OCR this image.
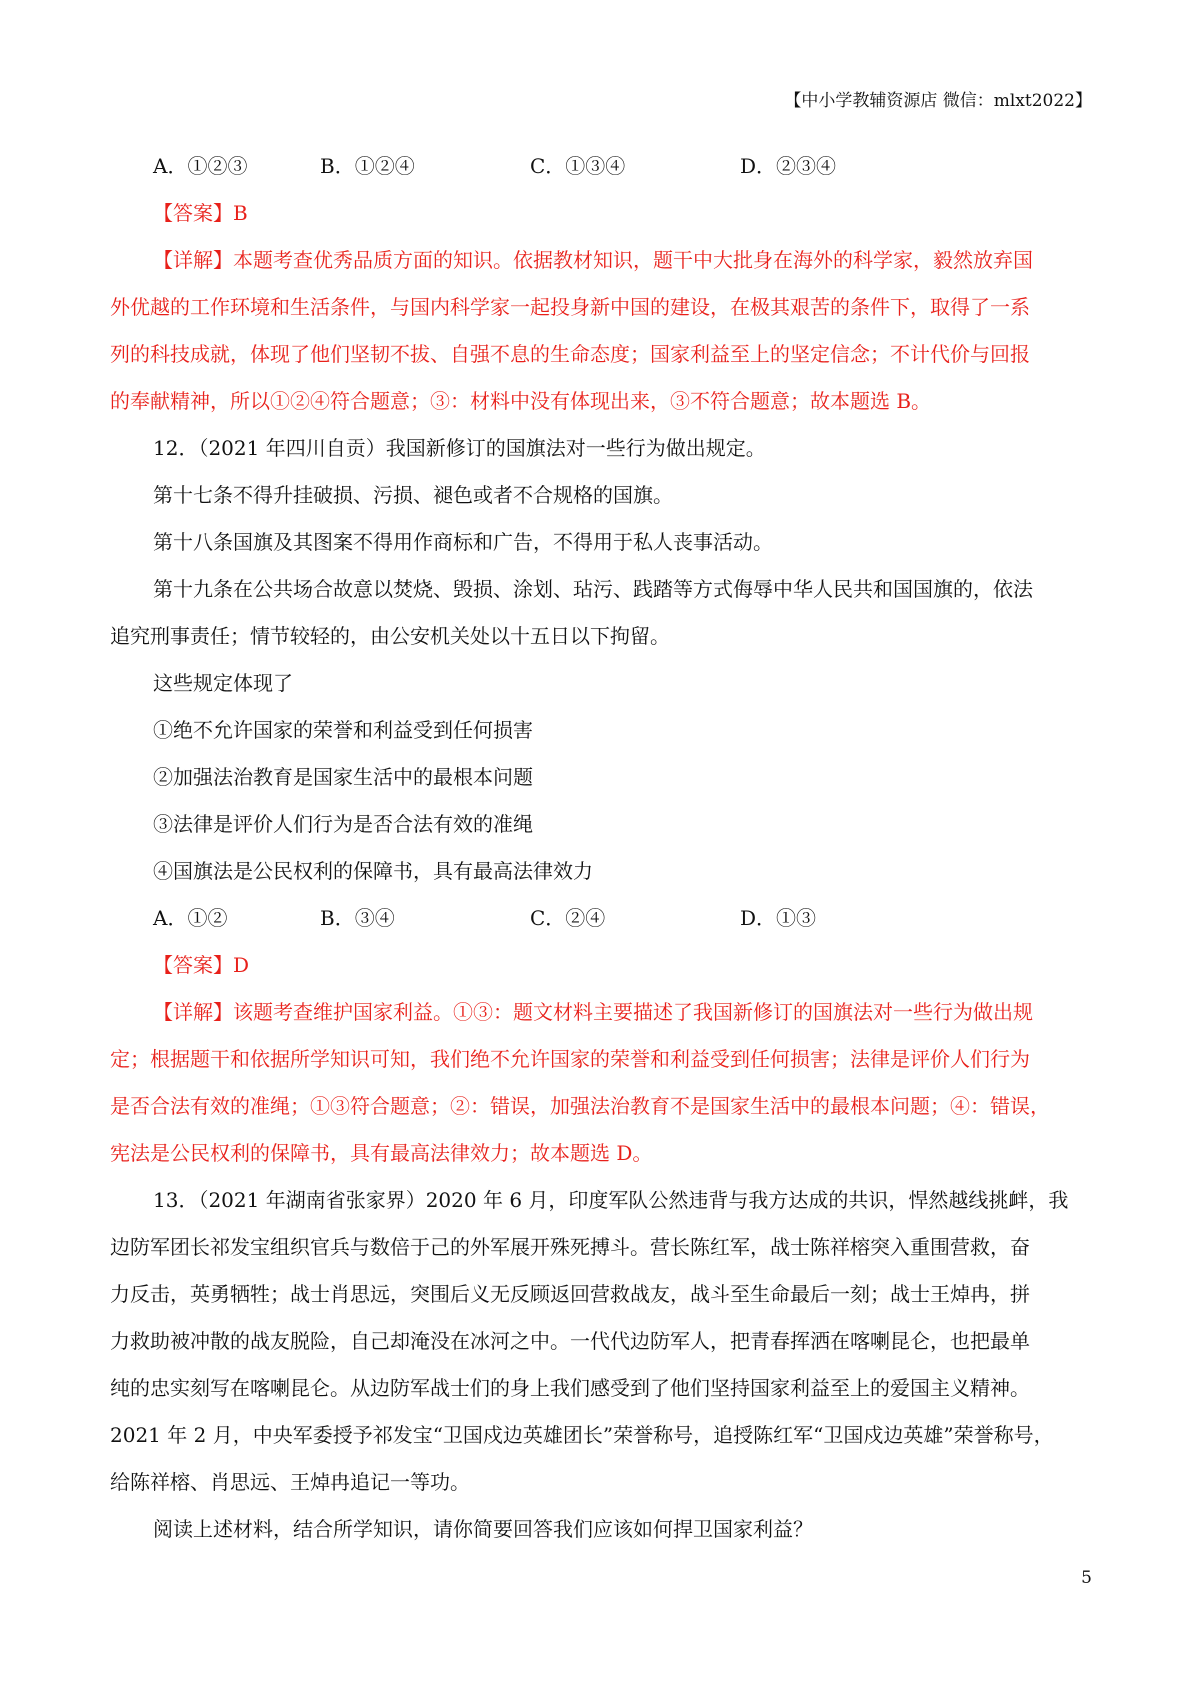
【中小学教辅资源店 微信：mlxt2022】
A．①②③	B．①②④	C．①③④	D．②③④
【答案】B
【详解】本题考查优秀品质方面的知识。依据教材知识，题干中大批身在海外的科学家，毅然放弃国
外优越的工作环境和生活条件，与国内科学家一起投身新中国的建设，在极其艰苦的条件下，取得了一系
列的科技成就，体现了他们坚韧不拔、自强不息的生命态度；国家利益至上的坚定信念；不计代价与回报
的奉献精神，所以①②④符合题意；③：材料中没有体现出来，③不符合题意；故本题选 B。
12．（2021 年四川自贡）我国新修订的国旗法对一些行为做出规定。
第十七条不得升挂破损、污损、褪色或者不合规格的国旗。
第十八条国旗及其图案不得用作商标和广告，不得用于私人丧事活动。
第十九条在公共场合故意以焚烧、毁损、涂划、玷污、践踏等方式侮辱中华人民共和国国旗的，依法
追究刑事责任；情节较轻的，由公安机关处以十五日以下拘留。
这些规定体现了
①绝不允许国家的荣誉和利益受到任何损害
②加强法治教育是国家生活中的最根本问题
③法律是评价人们行为是否合法有效的准绳
④国旗法是公民权利的保障书，具有最高法律效力
A．①②	B．③④	C．②④	D．①③
【答案】D
【详解】该题考查维护国家利益。①③：题文材料主要描述了我国新修订的国旗法对一些行为做出规
定；根据题干和依据所学知识可知，我们绝不允许国家的荣誉和利益受到任何损害；法律是评价人们行为
是否合法有效的准绳；①③符合题意；②：错误，加强法治教育不是国家生活中的最根本问题；④：错误，
宪法是公民权利的保障书，具有最高法律效力；故本题选 D。
13．（2021 年湖南省张家界）2020 年 6 月，印度军队公然违背与我方达成的共识，悍然越线挑衅，我
边防军团长祁发宝组织官兵与数倍于己的外军展开殊死搏斗。营长陈红军，战士陈祥榕突入重围营救，奋
力反击，英勇牺牲；战士肖思远，突围后义无反顾返回营救战友，战斗至生命最后一刻；战士王焯冉，拼
力救助被冲散的战友脱险，自己却淹没在冰河之中。一代代边防军人，把青春挥洒在喀喇昆仑，也把最单
纯的忠实刻写在喀喇昆仑。从边防军战士们的身上我们感受到了他们坚持国家利益至上的爱国主义精神。
2021 年 2 月，中央军委授予祁发宝“卫国戍边英雄团长”荣誉称号，追授陈红军“卫国戍边英雄”荣誉称号，
给陈祥榕、肖思远、王焯冉追记一等功。
阅读上述材料，结合所学知识，请你简要回答我们应该如何捍卫国家利益？
5
